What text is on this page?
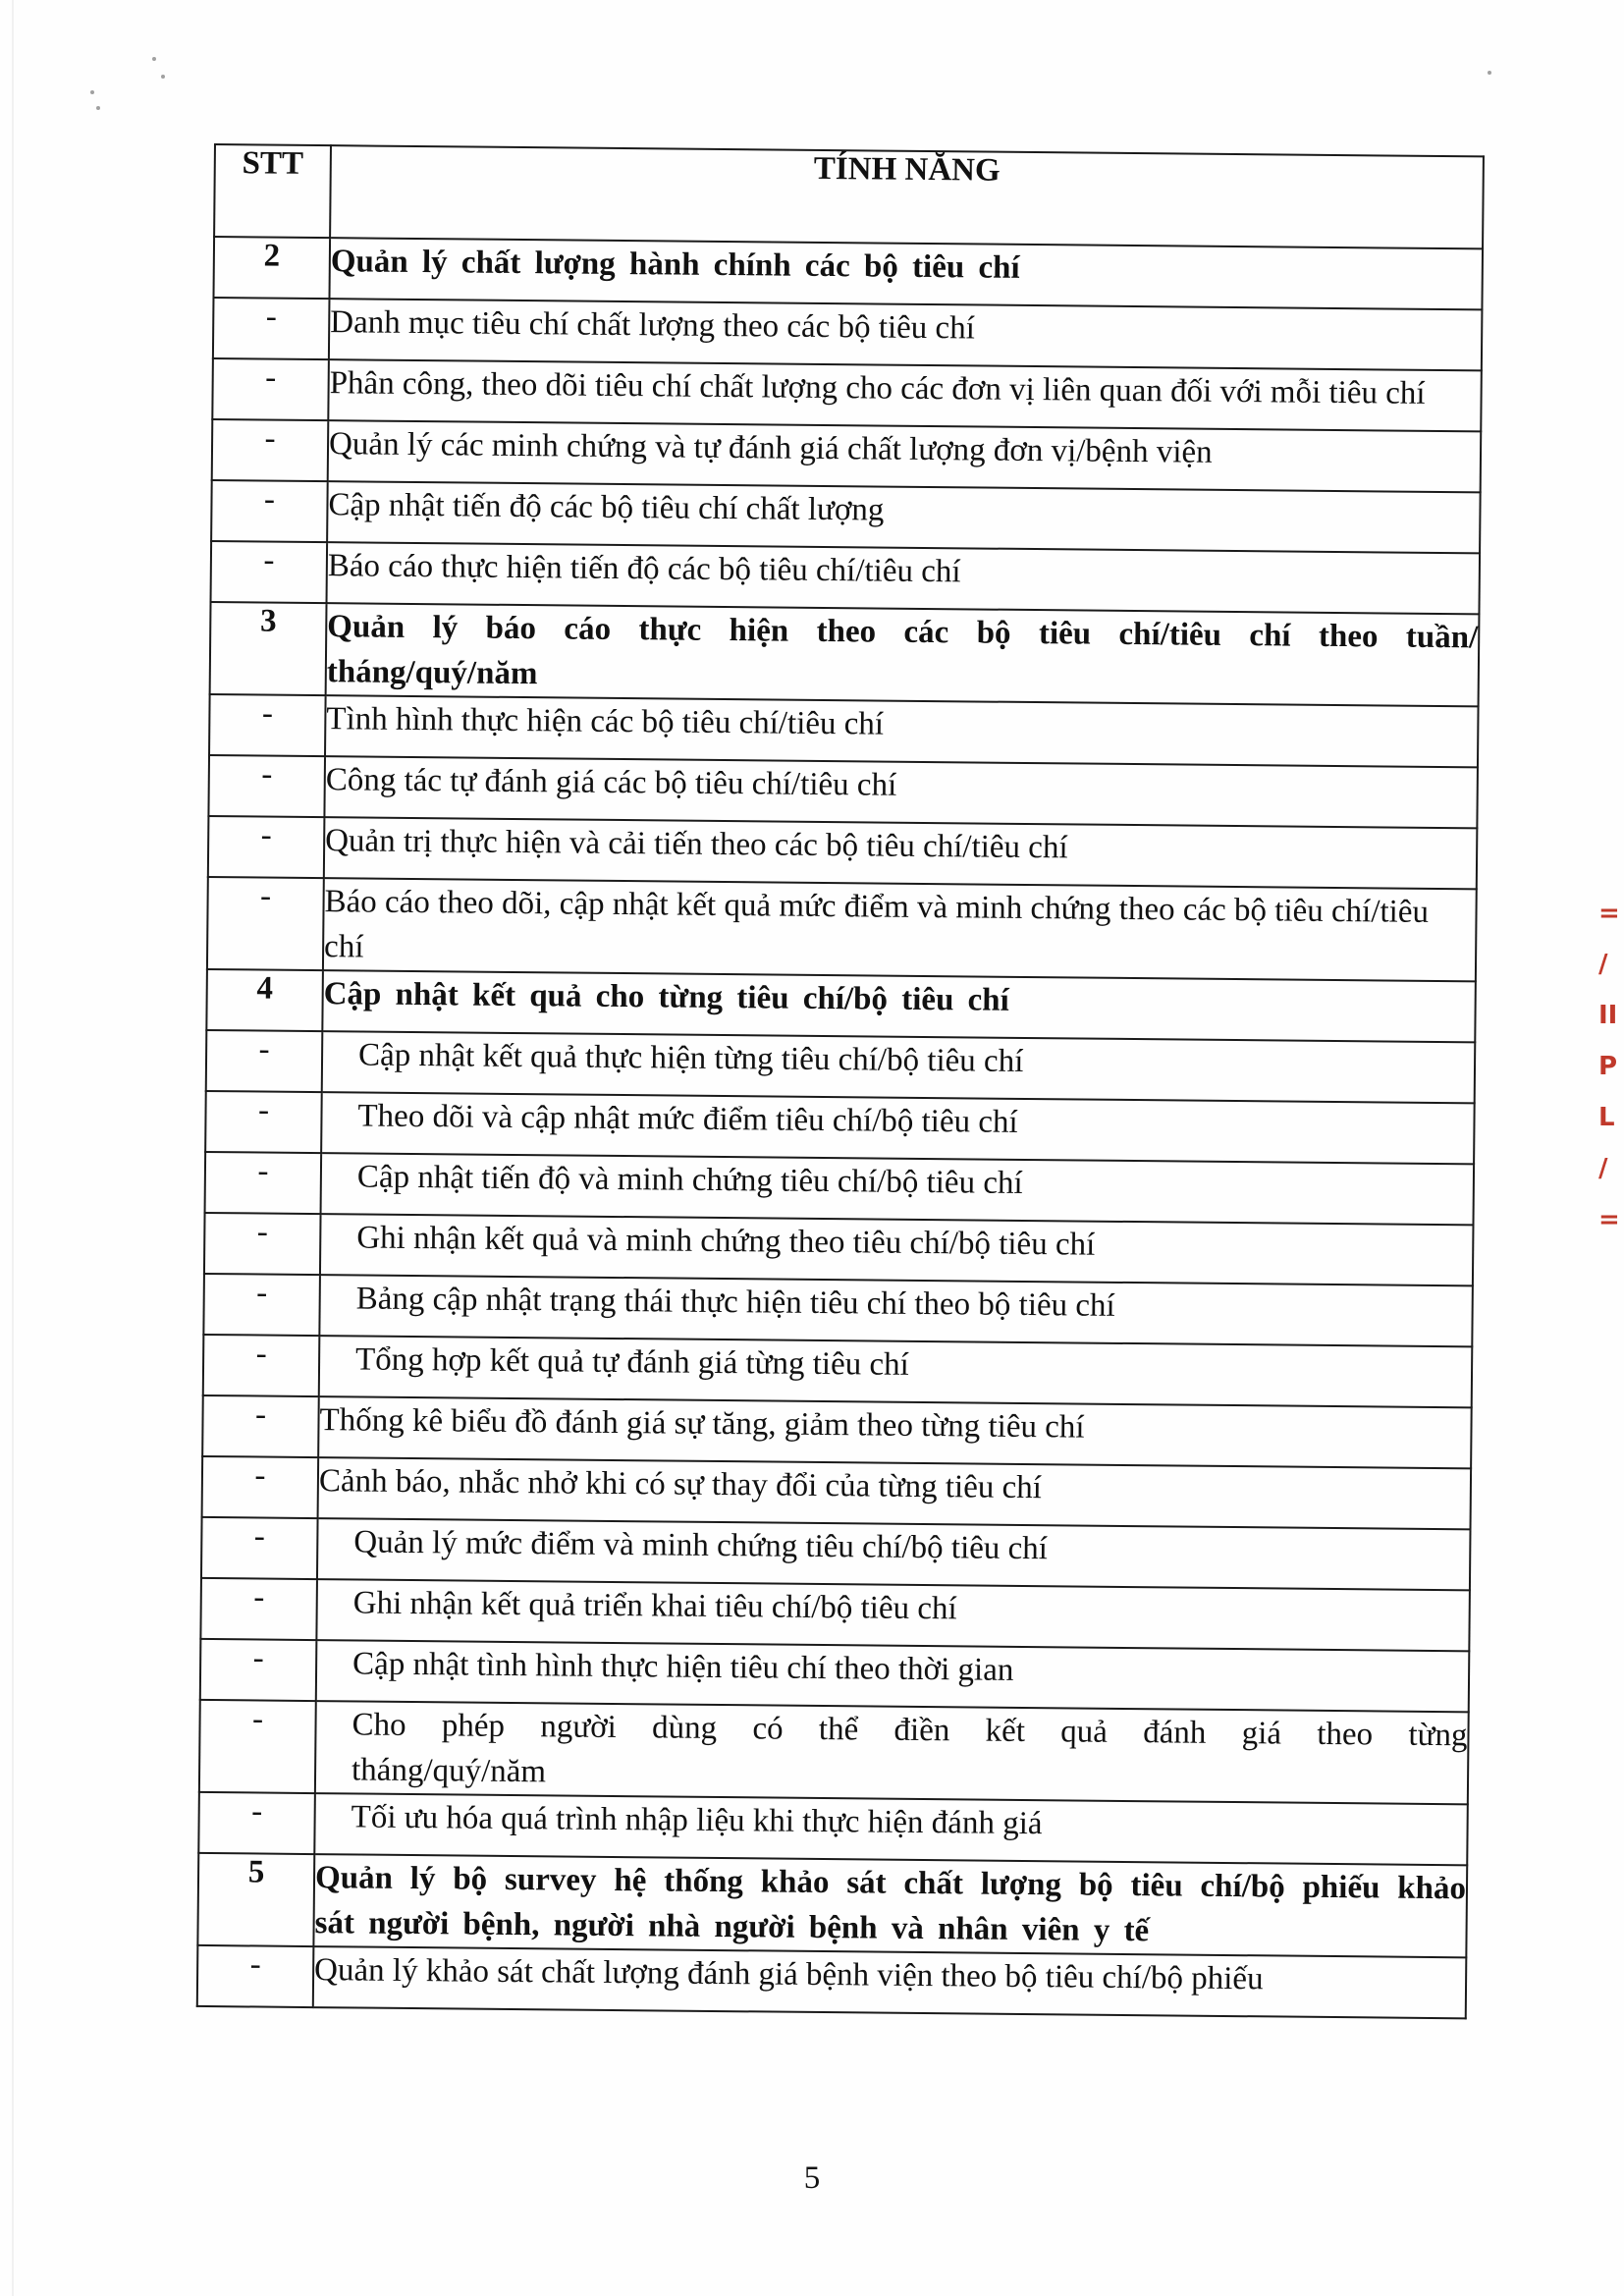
STT	TÍNH NĂNG
2	Quản lý chất lượng hành chính các bộ tiêu chí
-	Danh mục tiêu chí chất lượng theo các bộ tiêu chí
-	Phân công, theo dõi tiêu chí chất lượng cho các đơn vị liên quan đối với mỗi tiêu chí
-	Quản lý các minh chứng và tự đánh giá chất lượng đơn vị/bệnh viện
-	Cập nhật tiến độ các bộ tiêu chí chất lượng
-	Báo cáo thực hiện tiến độ các bộ tiêu chí/tiêu chí
3	Quản lý báo cáo thực hiện theo các bộ tiêu chí/tiêu chí theo tuần/ tháng/quý/năm
-	Tình hình thực hiện các bộ tiêu chí/tiêu chí
-	Công tác tự đánh giá các bộ tiêu chí/tiêu chí
-	Quản trị thực hiện và cải tiến theo các bộ tiêu chí/tiêu chí
-	Báo cáo theo dõi, cập nhật kết quả mức điểm và minh chứng theo các bộ tiêu chí/tiêu chí
4	Cập nhật kết quả cho từng tiêu chí/bộ tiêu chí
-	Cập nhật kết quả thực hiện từng tiêu chí/bộ tiêu chí
-	Theo dõi và cập nhật mức điểm tiêu chí/bộ tiêu chí
-	Cập nhật tiến độ và minh chứng tiêu chí/bộ tiêu chí
-	Ghi nhận kết quả và minh chứng theo tiêu chí/bộ tiêu chí
-	Bảng cập nhật trạng thái thực hiện tiêu chí theo bộ tiêu chí
-	Tổng hợp kết quả tự đánh giá từng tiêu chí
-	Thống kê biểu đồ đánh giá sự tăng, giảm theo từng tiêu chí
-	Cảnh báo, nhắc nhở khi có sự thay đổi của từng tiêu chí
-	Quản lý mức điểm và minh chứng tiêu chí/bộ tiêu chí
-	Ghi nhận kết quả triển khai tiêu chí/bộ tiêu chí
-	Cập nhật tình hình thực hiện tiêu chí theo thời gian
-	Cho phép người dùng có thể điền kết quả đánh giá theo từng tháng/quý/năm
-	Tối ưu hóa quá trình nhập liệu khi thực hiện đánh giá
5	Quản lý bộ survey hệ thống khảo sát chất lượng bộ tiêu chí/bộ phiếu khảo sát người bệnh, người nhà người bệnh và nhân viên y tế
-	Quản lý khảo sát chất lượng đánh giá bệnh viện theo bộ tiêu chí/bộ phiếu
5
=
/
II
P
L
/
=
